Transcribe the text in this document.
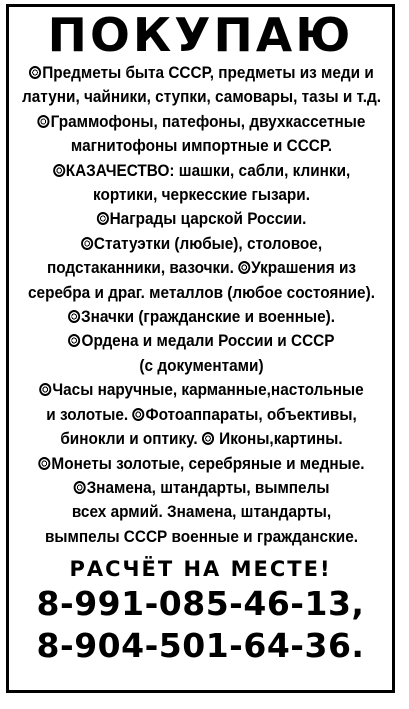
ПОКУПАЮ
Предметы быта СССР, предметы из меди и
латуни, чайники, ступки, самовары, тазы и т.д.
Граммофоны, патефоны, двухкассетные
магнитофоны импортные и СССР.
КАЗАЧЕСТВО: шашки, сабли, клинки,
кортики, черкесские гызари.
Награды царской России.
Статуэтки (любые), столовое,
подстаканники, вазочки. Украшения из
серебра и драг. металлов (любое состояние).
Значки (гражданские и военные).
Ордена и медали России и СССР
(с документами)
Часы наручные, карманные,настольные
и золотые. Фотоаппараты, объективы,
бинокли и оптику.  Иконы,картины.
Монеты золотые, серебряные и медные.
Знамена, штандарты, вымпелы
всех армий. Знамена, штандарты,
вымпелы СССР военные и гражданские.
РАСЧЁТ НА МЕСТЕ!
8-991-085-46-13,
8-904-501-64-36.
